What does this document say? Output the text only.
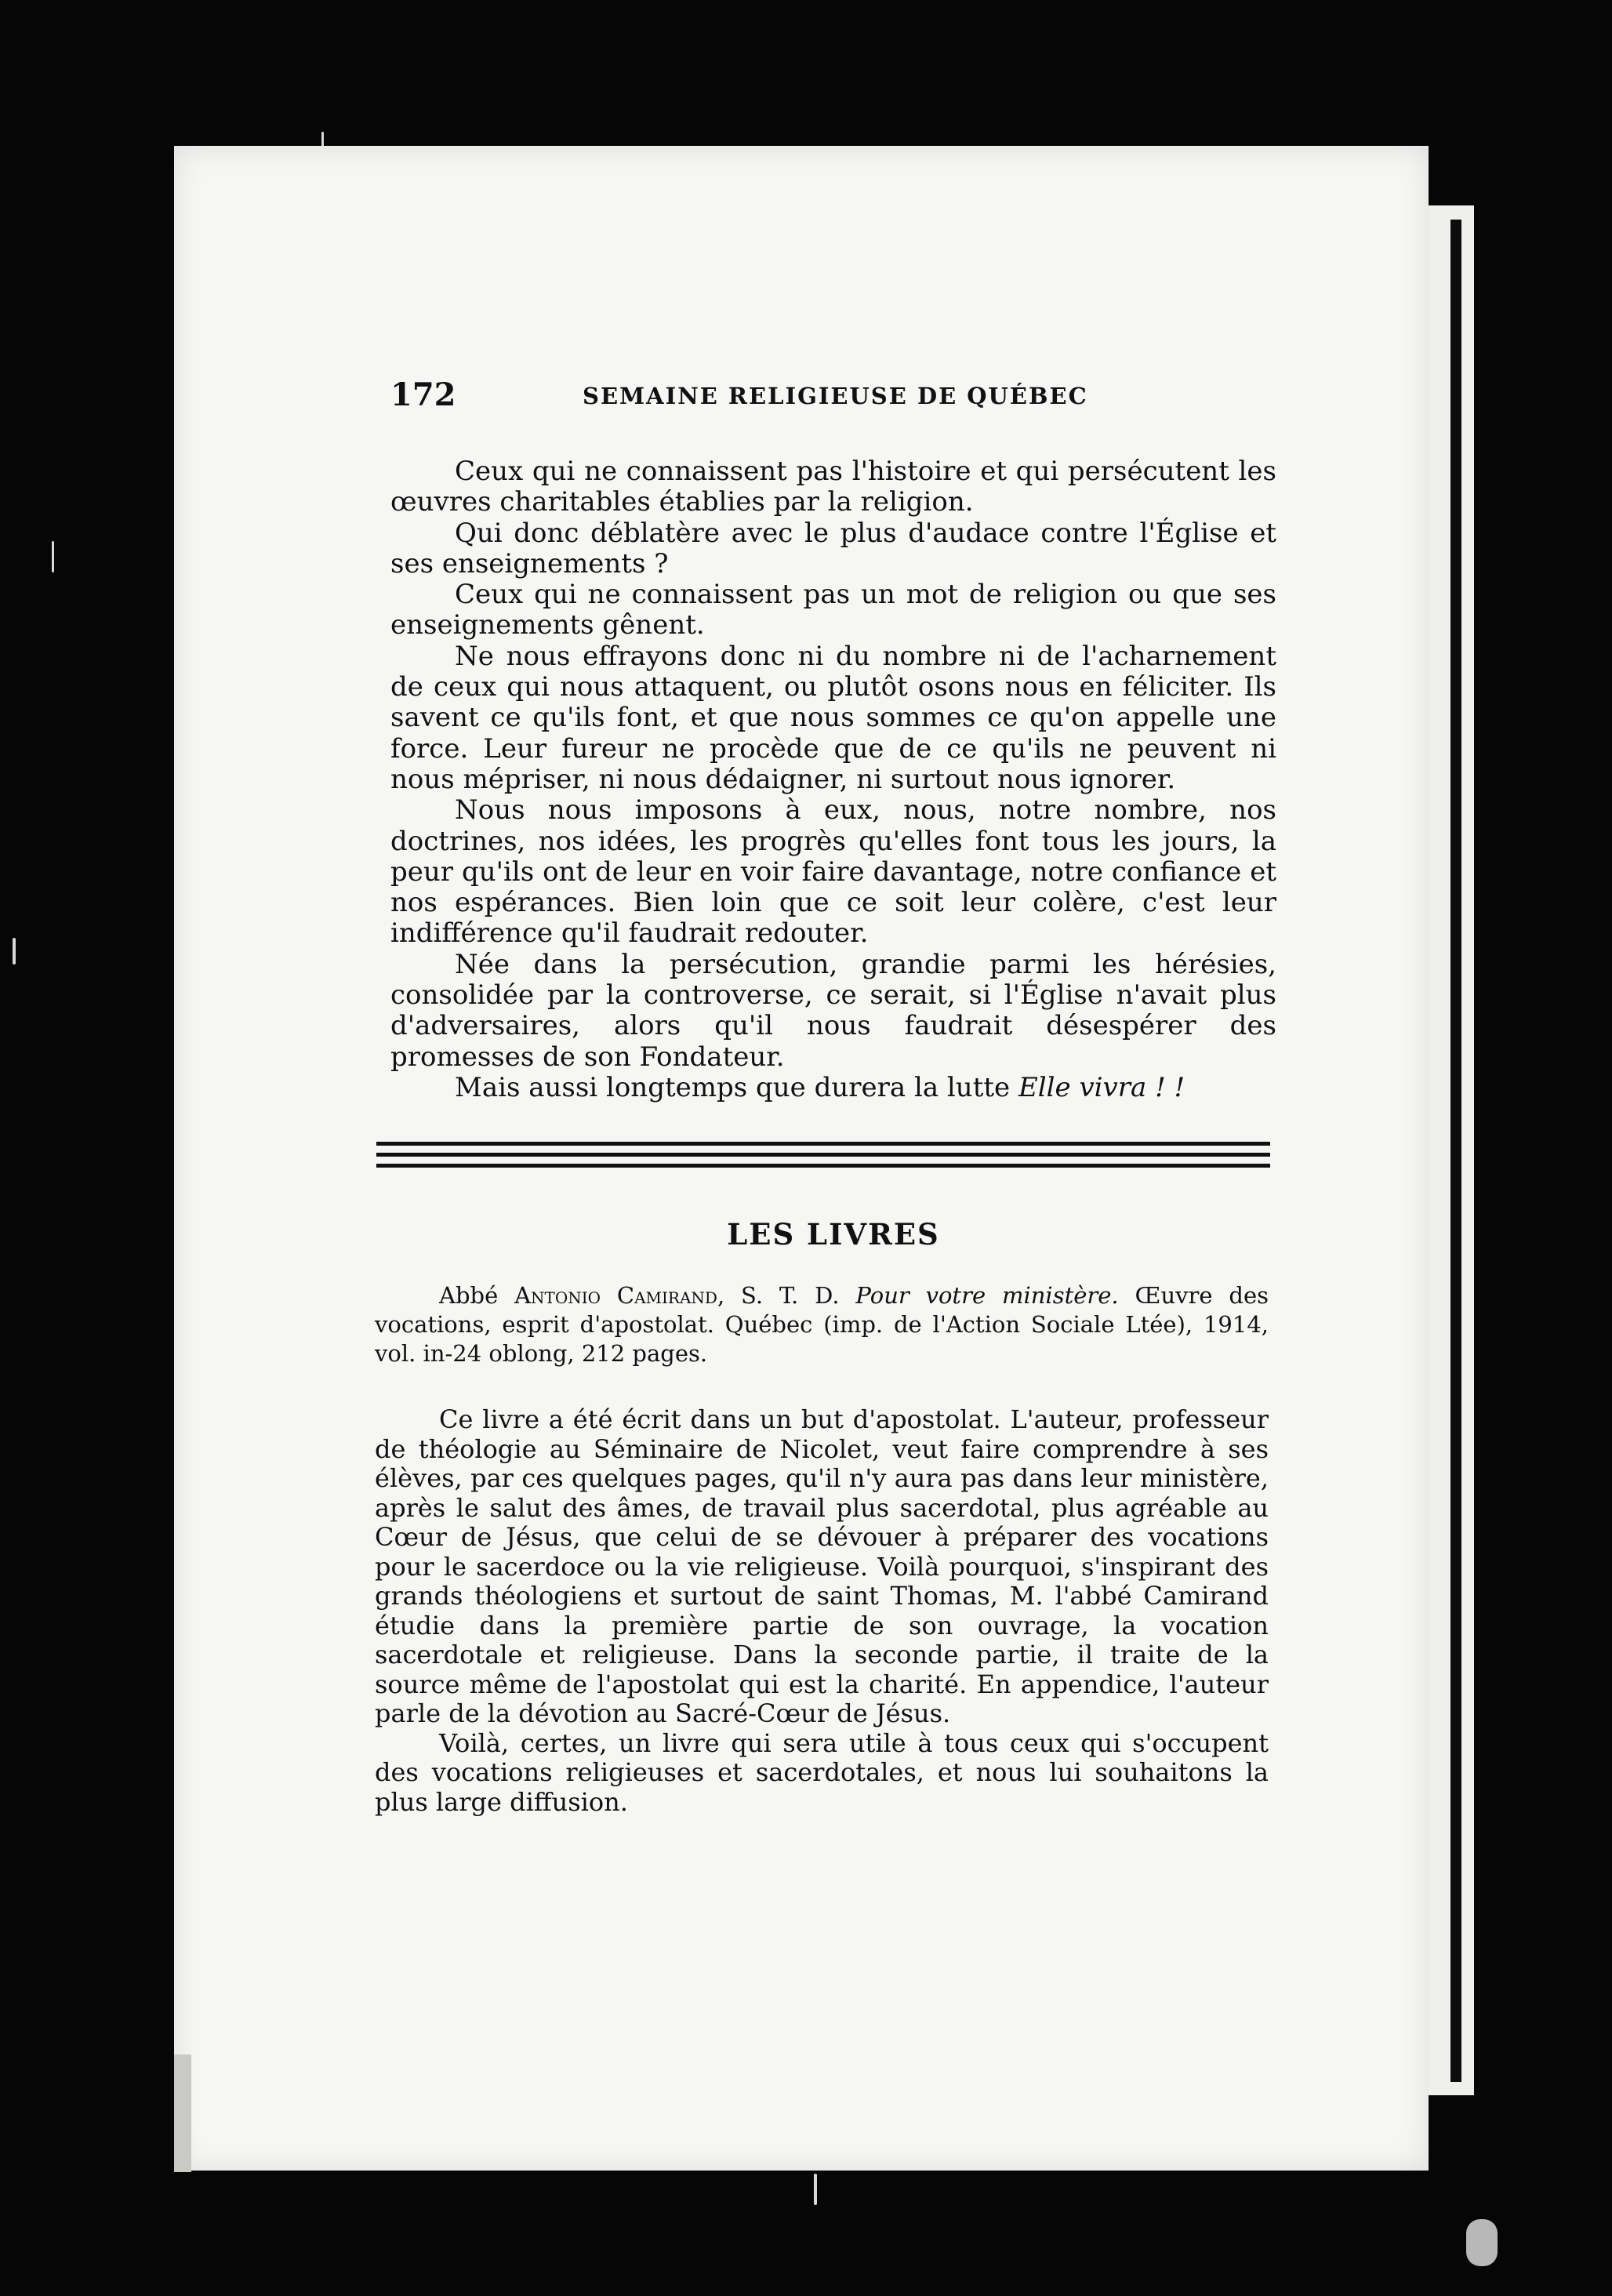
172	SEMAINE RELIGIEUSE DE QUÉBEC

Ceux qui ne connaissent pas l'histoire et qui persécutent les œuvres charitables établies par la religion.

Qui donc déblatère avec le plus d'audace contre l'Église et ses enseignements ?

Ceux qui ne connaissent pas un mot de religion ou que ses enseignements gênent.

Ne nous effrayons donc ni du nombre ni de l'acharnement de ceux qui nous attaquent, ou plutôt osons nous en féliciter. Ils savent ce qu'ils font, et que nous sommes ce qu'on appelle une force. Leur fureur ne procède que de ce qu'ils ne peuvent ni nous mépriser, ni nous dédaigner, ni surtout nous ignorer.

Nous nous imposons à eux, nous, notre nombre, nos doctrines, nos idées, les progrès qu'elles font tous les jours, la peur qu'ils ont de leur en voir faire davantage, notre confiance et nos espérances. Bien loin que ce soit leur colère, c'est leur indifférence qu'il faudrait redouter.

Née dans la persécution, grandie parmi les hérésies, consolidée par la controverse, ce serait, si l'Église n'avait plus d'adversaires, alors qu'il nous faudrait désespérer des promesses de son Fondateur.

Mais aussi longtemps que durera la lutte Elle vivra ! !

LES LIVRES

Abbé Antonio Camirand, S. T. D. Pour votre ministère. Œuvre des vocations, esprit d'apostolat. Québec (imp. de l'Action Sociale Ltée), 1914, vol. in-24 oblong, 212 pages.

Ce livre a été écrit dans un but d'apostolat. L'auteur, professeur de théologie au Séminaire de Nicolet, veut faire comprendre à ses élèves, par ces quelques pages, qu'il n'y aura pas dans leur ministère, après le salut des âmes, de travail plus sacerdotal, plus agréable au Cœur de Jésus, que celui de se dévouer à préparer des vocations pour le sacerdoce ou la vie religieuse. Voilà pourquoi, s'inspirant des grands théologiens et surtout de saint Thomas, M. l'abbé Camirand étudie dans la première partie de son ouvrage, la vocation sacerdotale et religieuse. Dans la seconde partie, il traite de la source même de l'apostolat qui est la charité. En appendice, l'auteur parle de la dévotion au Sacré-Cœur de Jésus.

Voilà, certes, un livre qui sera utile à tous ceux qui s'occupent des vocations religieuses et sacerdotales, et nous lui souhaitons la plus large diffusion.
